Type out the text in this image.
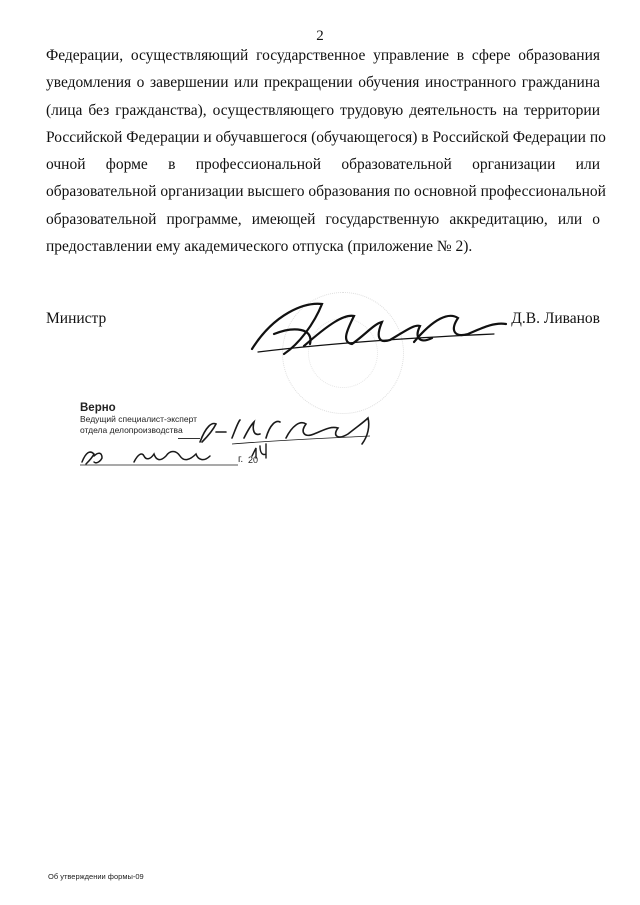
2
Федерации, осуществляющий государственное управление в сфере образования
уведомления о завершении или прекращении обучения иностранного гражданина
(лица без гражданства), осуществляющего трудовую деятельность на территории
Российской Федерации и обучавшегося (обучающегося) в Российской Федерации по
очной форме в профессиональной образовательной организации или
образовательной организации высшего образования по основной профессиональной
образовательной программе, имеющей государственную аккредитацию, или о
предоставлении ему академического отпуска (приложение № 2).
Министр	Д.В. Ливанов
Верно
Ведущий специалист-эксперт
отдела делопроизводства
20
г.
Об утверждении формы-09
